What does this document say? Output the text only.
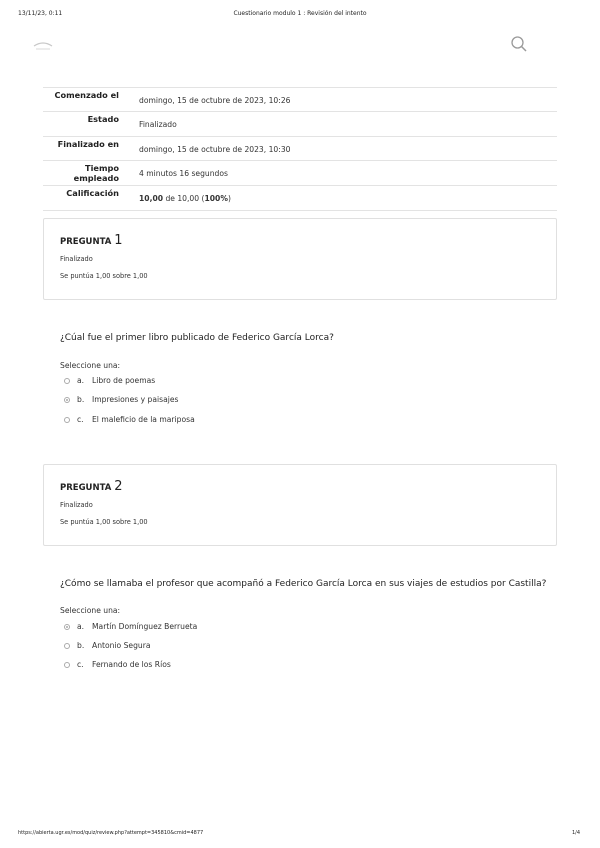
13/11/23, 0:11	Cuestionario modulo 1 : Revisión del intento
Comenzado el
domingo, 15 de octubre de 2023, 10:26
Estado
Finalizado
Finalizado en
domingo, 15 de octubre de 2023, 10:30
Tiempo empleado	4 minutos 16 segundos
Calificación
10,00 de 10,00 (100%)
PREGUNTA 1
Finalizado
Se puntúa 1,00 sobre 1,00
¿Cúal fue el primer libro publicado de Federico García Lorca?
Seleccione una:
a.	Libro de poemas
b.	Impresiones y paisajes
c.	El maleficio de la mariposa
PREGUNTA 2
Finalizado
Se puntúa 1,00 sobre 1,00
¿Cómo se llamaba el profesor que acompañó a Federico García Lorca en sus viajes de estudios por Castilla?
Seleccione una:
a.	Martín Domínguez Berrueta
b.	Antonio Segura
c.	Fernando de los Ríos
https://abierta.ugr.es/mod/quiz/review.php?attempt=345810&cmid=4877	1/4
